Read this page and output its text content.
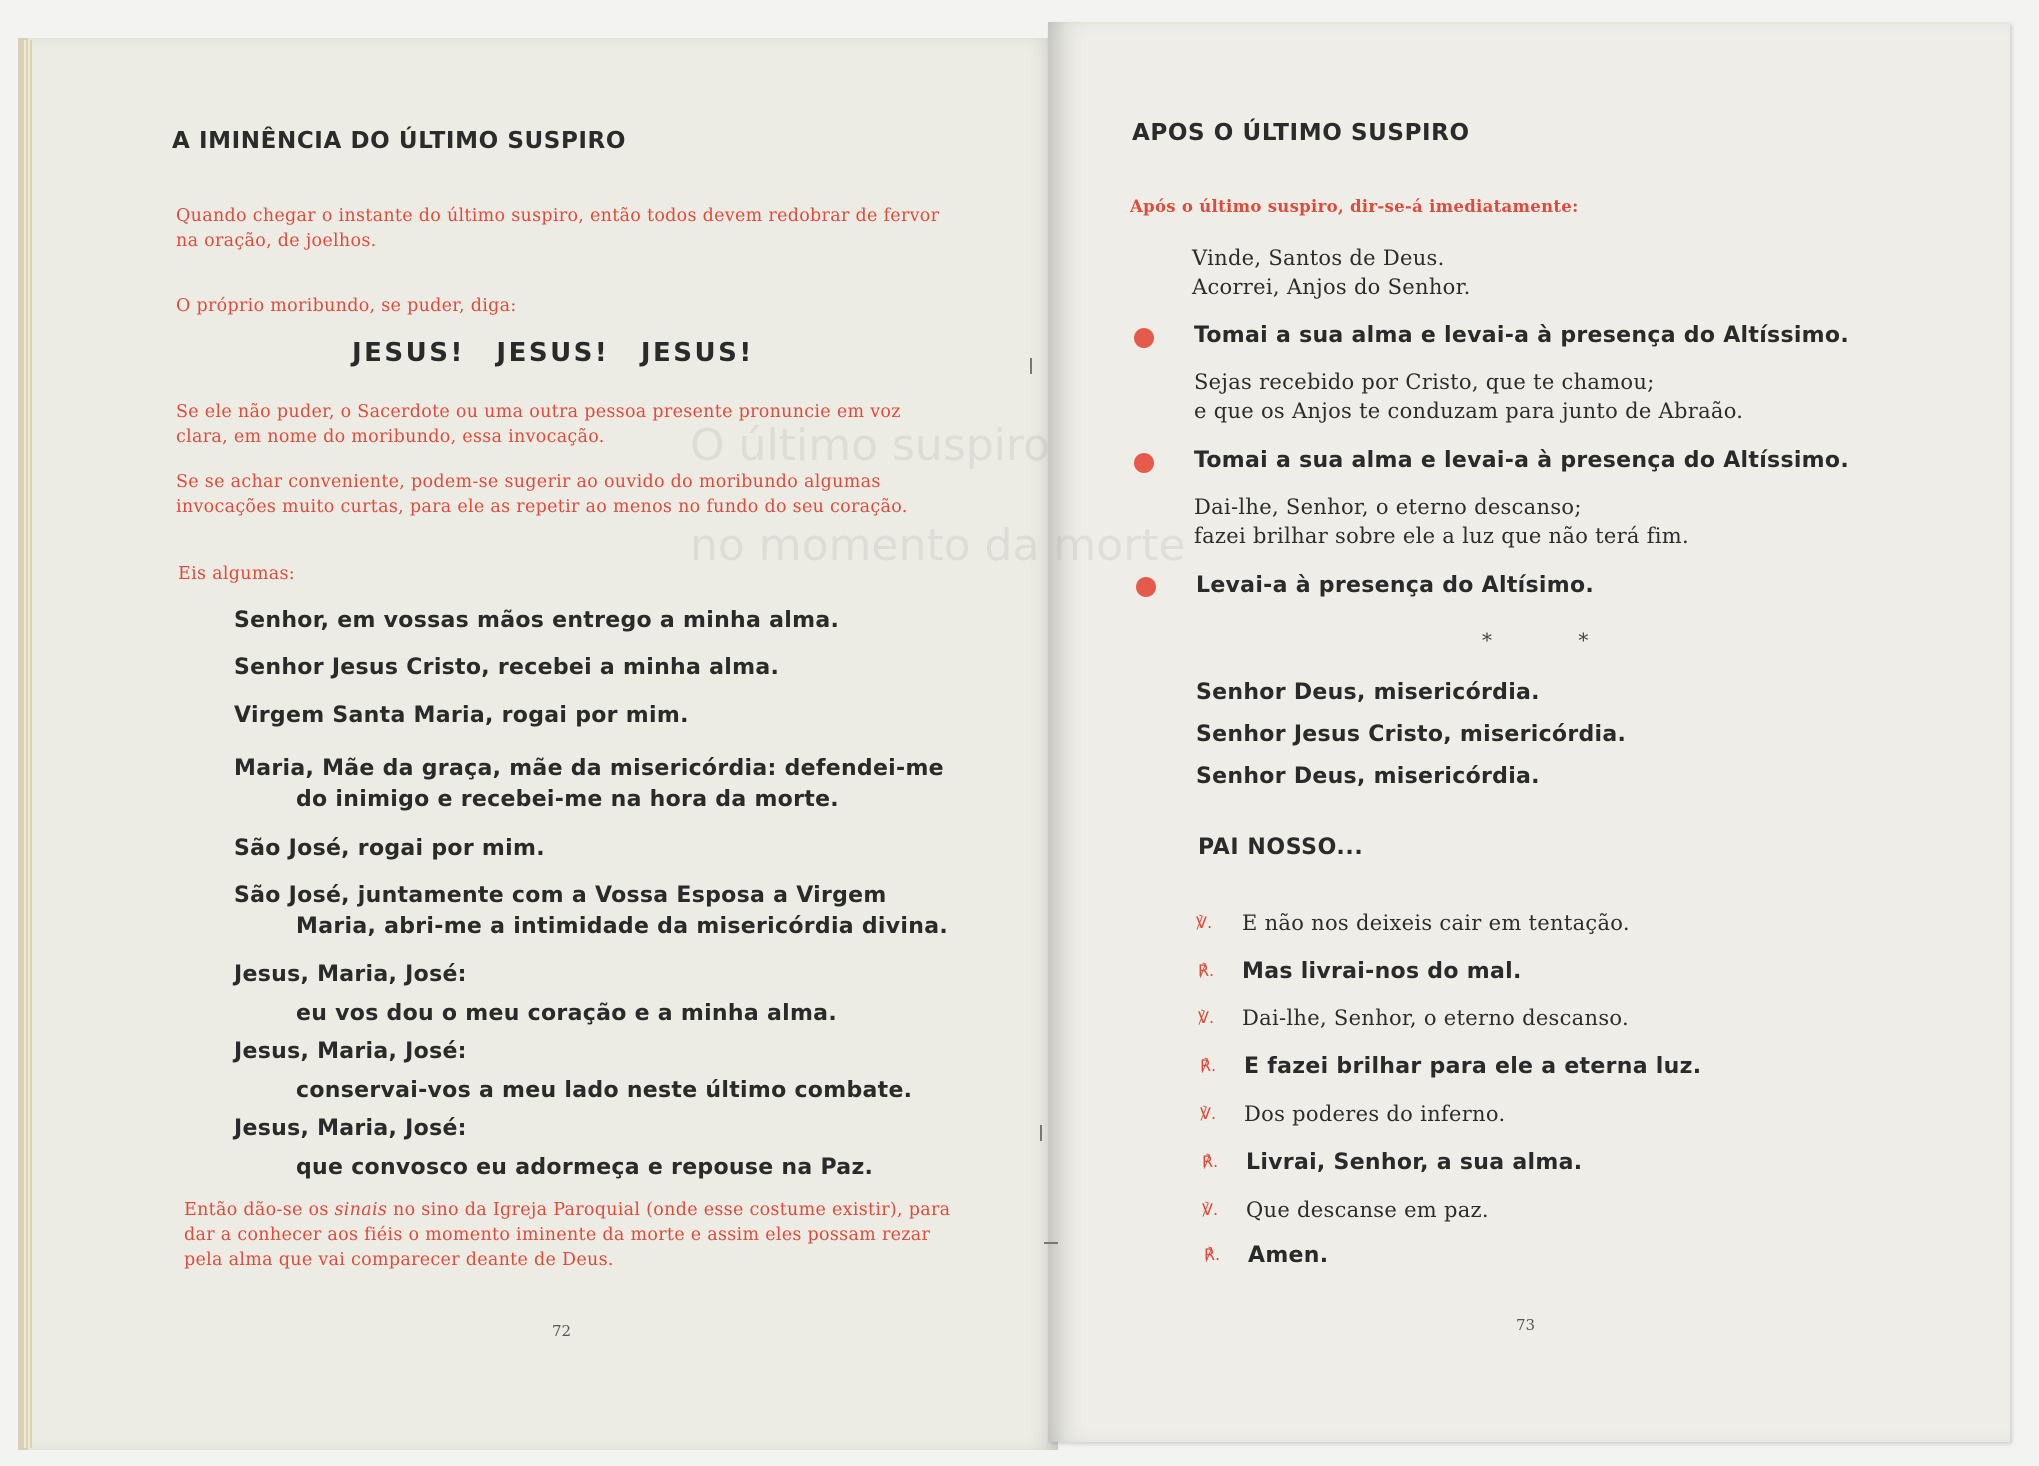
O último suspiro
no momento da morte
A IMINÊNCIA DO ÚLTIMO SUSPIRO
Quando chegar o instante do último suspiro, então todos devem redobrar de fervor na oração, de joelhos.
O próprio moribundo, se puder, diga:
JESUS! JESUS! JESUS!
Se ele não puder, o Sacerdote ou uma outra pessoa presente pronuncie em voz clara, em nome do moribundo, essa invocação.
Se se achar conveniente, podem-se sugerir ao ouvido do moribundo algumas invocações muito curtas, para ele as repetir ao menos no fundo do seu coração.
Eis algumas:
Senhor, em vossas mãos entrego a minha alma.
Senhor Jesus Cristo, recebei a minha alma.
Virgem Santa Maria, rogai por mim.
Maria, Mãe da graça, mãe da misericórdia: defendei-me
do inimigo e recebei-me na hora da morte.
São José, rogai por mim.
São José, juntamente com a Vossa Esposa a Virgem
Maria, abri-me a intimidade da misericórdia divina.
Jesus, Maria, José:
eu vos dou o meu coração e a minha alma.
Jesus, Maria, José:
conservai-vos a meu lado neste último combate.
Jesus, Maria, José:
que convosco eu adormeça e repouse na Paz.
Então dão-se os sinais no sino da Igreja Paroquial (onde esse costume existir), para dar a conhecer aos fiéis o momento iminente da morte e assim eles possam rezar pela alma que vai comparecer deante de Deus.
72
APOS O ÚLTIMO SUSPIRO
Após o último suspiro, dir-se-á imediatamente:
Vinde, Santos de Deus.
Acorrei, Anjos do Senhor.
Tomai a sua alma e levai-a à presença do Altíssimo.
Sejas recebido por Cristo, que te chamou;
e que os Anjos te conduzam para junto de Abraão.
Tomai a sua alma e levai-a à presença do Altíssimo.
Dai-lhe, Senhor, o eterno descanso;
fazei brilhar sobre ele a luz que não terá fim.
Levai-a à presença do Altísimo.
* *
Senhor Deus, misericórdia.
Senhor Jesus Cristo, misericórdia.
Senhor Deus, misericórdia.
PAI NOSSO...
℣.	E não nos deixeis cair em tentação.
℟.	Mas livrai-nos do mal.
℣.	Dai-lhe, Senhor, o eterno descanso.
℟.	E fazei brilhar para ele a eterna luz.
℣.	Dos poderes do inferno.
℟.	Livrai, Senhor, a sua alma.
℣.	Que descanse em paz.
℟.	Amen.
73
